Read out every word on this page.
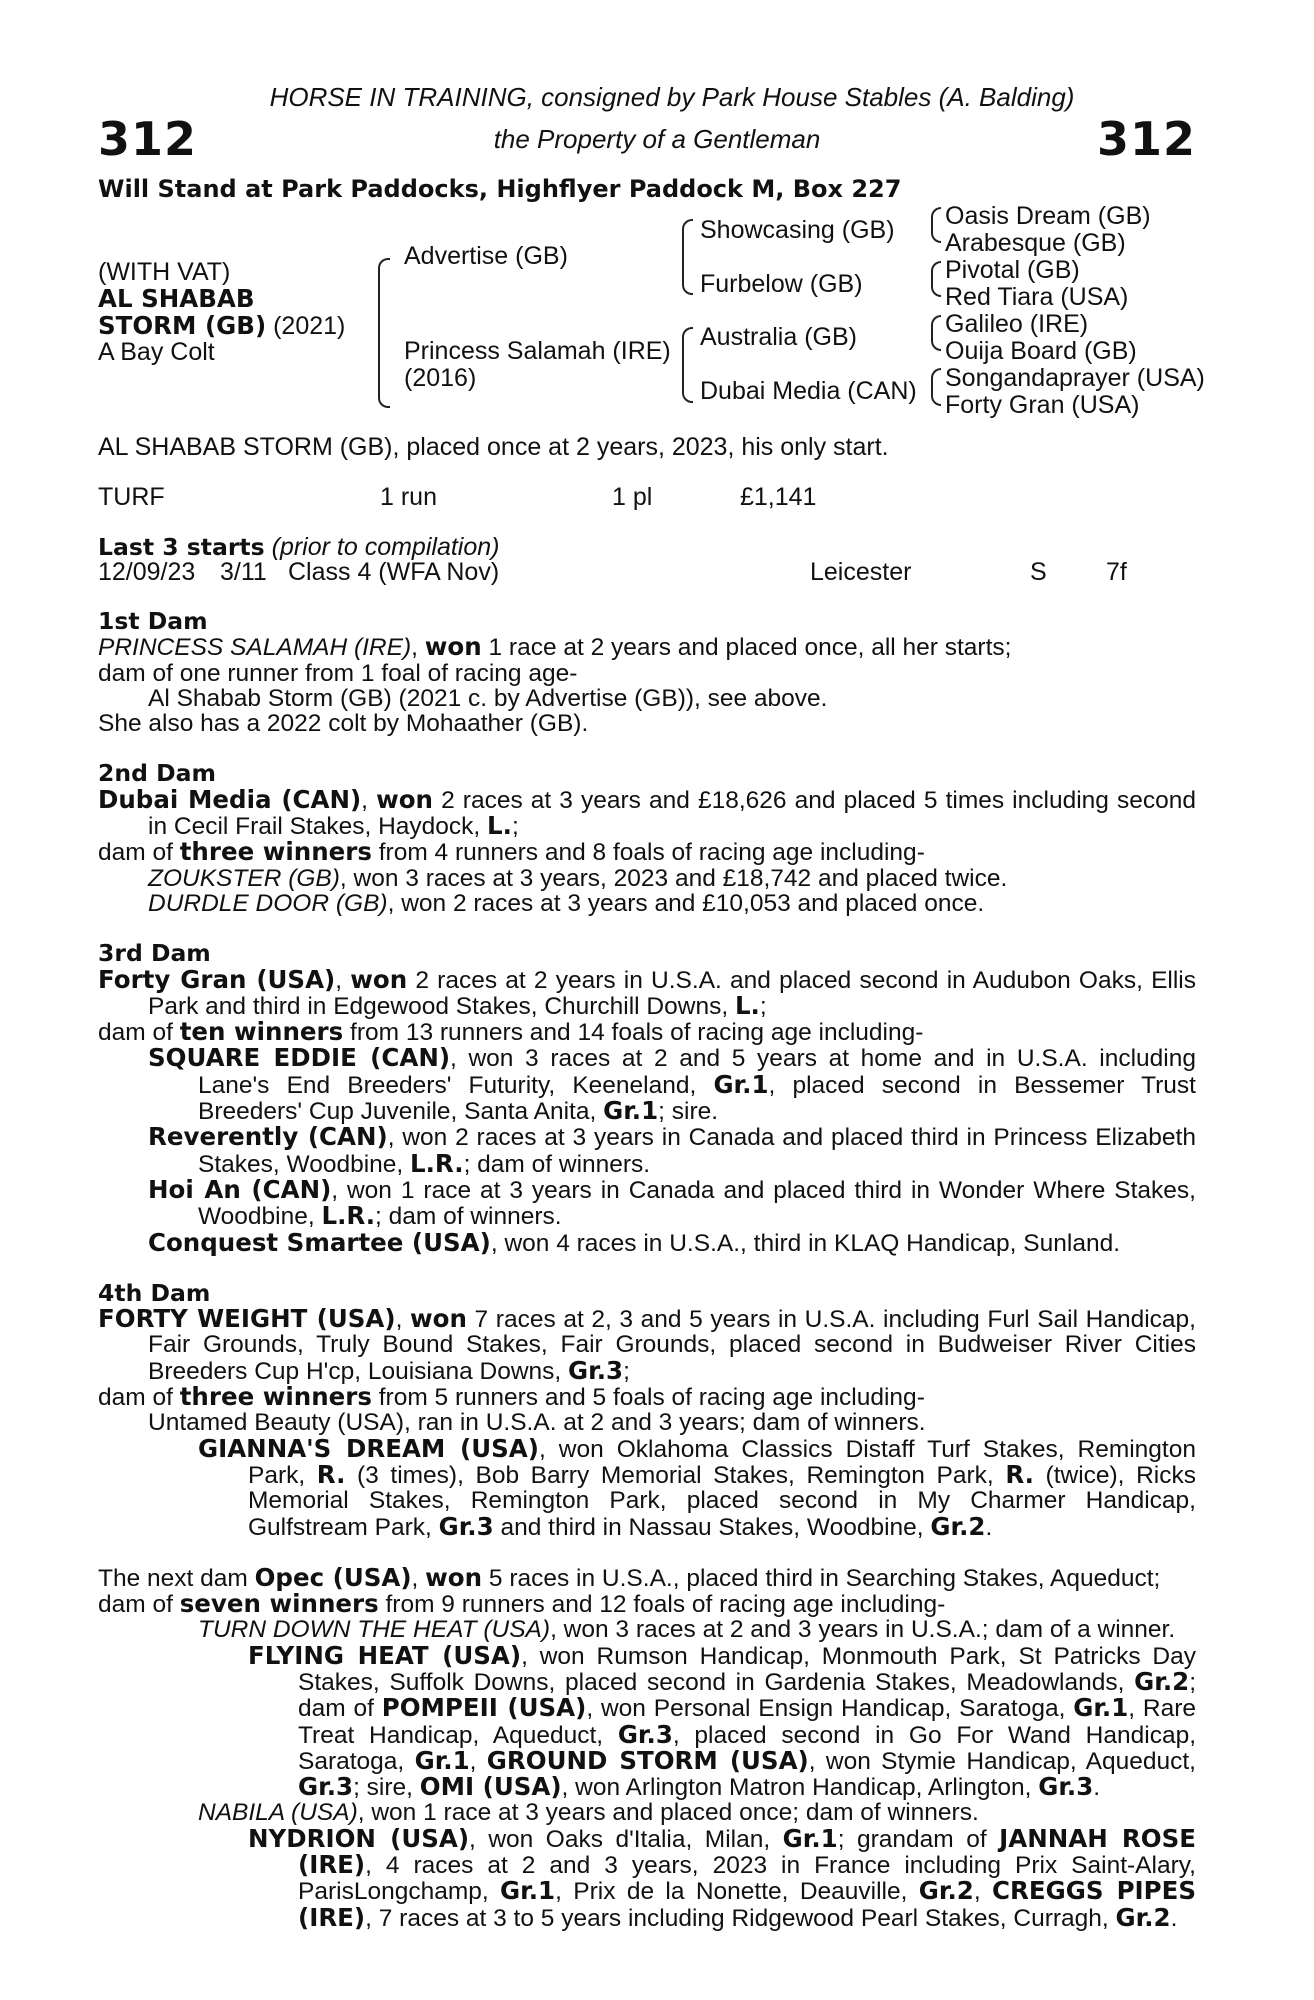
312	312
HORSE IN TRAINING, consigned by Park House Stables (A. Balding)
the Property of a Gentleman
Will Stand at Park Paddocks, Highflyer Paddock M, Box 227
(WITH VAT)
AL SHABAB
STORM (GB) (2021)
A Bay Colt
Advertise (GB)
Princess Salamah (IRE)
(2016)
Showcasing (GB)
Furbelow (GB)
Australia (GB)
Dubai Media (CAN)
Oasis Dream (GB)
Arabesque (GB)
Pivotal (GB)
Red Tiara (USA)
Galileo (IRE)
Ouija Board (GB)
Songandaprayer (USA)
Forty Gran (USA)
AL SHABAB STORM (GB), placed once at 2 years, 2023, his only start.
TURF	1 run	1 pl	£1,141
Last 3 starts (prior to compilation)
12/09/23 3/11 Class 4 (WFA Nov)	Leicester	S 7f

1st Dam

PRINCESS SALAMAH (IRE), won 1 race at 2 years and placed once, all her starts;

dam of one runner from 1 foal of racing age-

Al Shabab Storm (GB) (2021 c. by Advertise (GB)), see above.

She also has a 2022 colt by Mohaather (GB).

2nd Dam

Dubai Media (CAN), won 2 races at 3 years and £18,626 and placed 5 times including second in Cecil Frail Stakes, Haydock, L.;

dam of three winners from 4 runners and 8 foals of racing age including-

ZOUKSTER (GB), won 3 races at 3 years, 2023 and £18,742 and placed twice.

DURDLE DOOR (GB), won 2 races at 3 years and £10,053 and placed once.

3rd Dam

Forty Gran (USA), won 2 races at 2 years in U.S.A. and placed second in Audubon Oaks, Ellis Park and third in Edgewood Stakes, Churchill Downs, L.;

dam of ten winners from 13 runners and 14 foals of racing age including-

SQUARE EDDIE (CAN), won 3 races at 2 and 5 years at home and in U.S.A. including Lane's End Breeders' Futurity, Keeneland, Gr.1, placed second in Bessemer Trust Breeders' Cup Juvenile, Santa Anita, Gr.1; sire.

Reverently (CAN), won 2 races at 3 years in Canada and placed third in Princess Elizabeth Stakes, Woodbine, L.R.; dam of winners.

Hoi An (CAN), won 1 race at 3 years in Canada and placed third in Wonder Where Stakes, Woodbine, L.R.; dam of winners.

Conquest Smartee (USA), won 4 races in U.S.A., third in KLAQ Handicap, Sunland.

4th Dam

FORTY WEIGHT (USA), won 7 races at 2, 3 and 5 years in U.S.A. including Furl Sail Handicap, Fair Grounds, Truly Bound Stakes, Fair Grounds, placed second in Budweiser River Cities Breeders Cup H'cp, Louisiana Downs, Gr.3;

dam of three winners from 5 runners and 5 foals of racing age including-

Untamed Beauty (USA), ran in U.S.A. at 2 and 3 years; dam of winners.

GIANNA'S DREAM (USA), won Oklahoma Classics Distaff Turf Stakes, Remington Park, R. (3 times), Bob Barry Memorial Stakes, Remington Park, R. (twice), Ricks Memorial Stakes, Remington Park, placed second in My Charmer Handicap, Gulfstream Park, Gr.3 and third in Nassau Stakes, Woodbine, Gr.2.

The next dam Opec (USA), won 5 races in U.S.A., placed third in Searching Stakes, Aqueduct;

dam of seven winners from 9 runners and 12 foals of racing age including-

TURN DOWN THE HEAT (USA), won 3 races at 2 and 3 years in U.S.A.; dam of a winner.

FLYING HEAT (USA), won Rumson Handicap, Monmouth Park, St Patricks Day Stakes, Suffolk Downs, placed second in Gardenia Stakes, Meadowlands, Gr.2; dam of POMPEII (USA), won Personal Ensign Handicap, Saratoga, Gr.1, Rare Treat Handicap, Aqueduct, Gr.3, placed second in Go For Wand Handicap, Saratoga, Gr.1, GROUND STORM (USA), won Stymie Handicap, Aqueduct, Gr.3; sire, OMI (USA), won Arlington Matron Handicap, Arlington, Gr.3.

NABILA (USA), won 1 race at 3 years and placed once; dam of winners.

NYDRION (USA), won Oaks d'Italia, Milan, Gr.1; grandam of JANNAH ROSE (IRE), 4 races at 2 and 3 years, 2023 in France including Prix Saint-Alary, ParisLongchamp, Gr.1, Prix de la Nonette, Deauville, Gr.2, CREGGS PIPES (IRE), 7 races at 3 to 5 years including Ridgewood Pearl Stakes, Curragh, Gr.2.
